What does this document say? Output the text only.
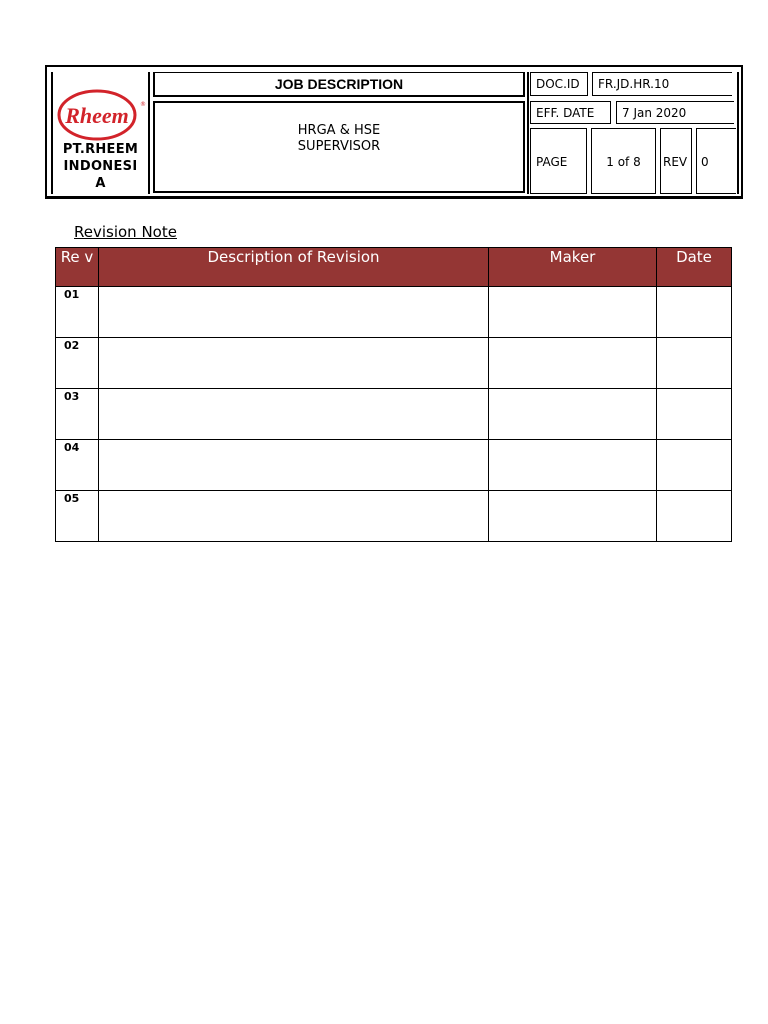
Rheem ®
PT.RHEEM
INDONESI
A
JOB DESCRIPTION
HRGA & HSE
SUPERVISOR
DOC.ID	FR.JD.HR.10
EFF. DATE	7 Jan 2020
PAGE	1 of 8	REV	0
Revision Note
Re v	Description of Revision	Maker	Date
01			
02			
03			
04			
05			
